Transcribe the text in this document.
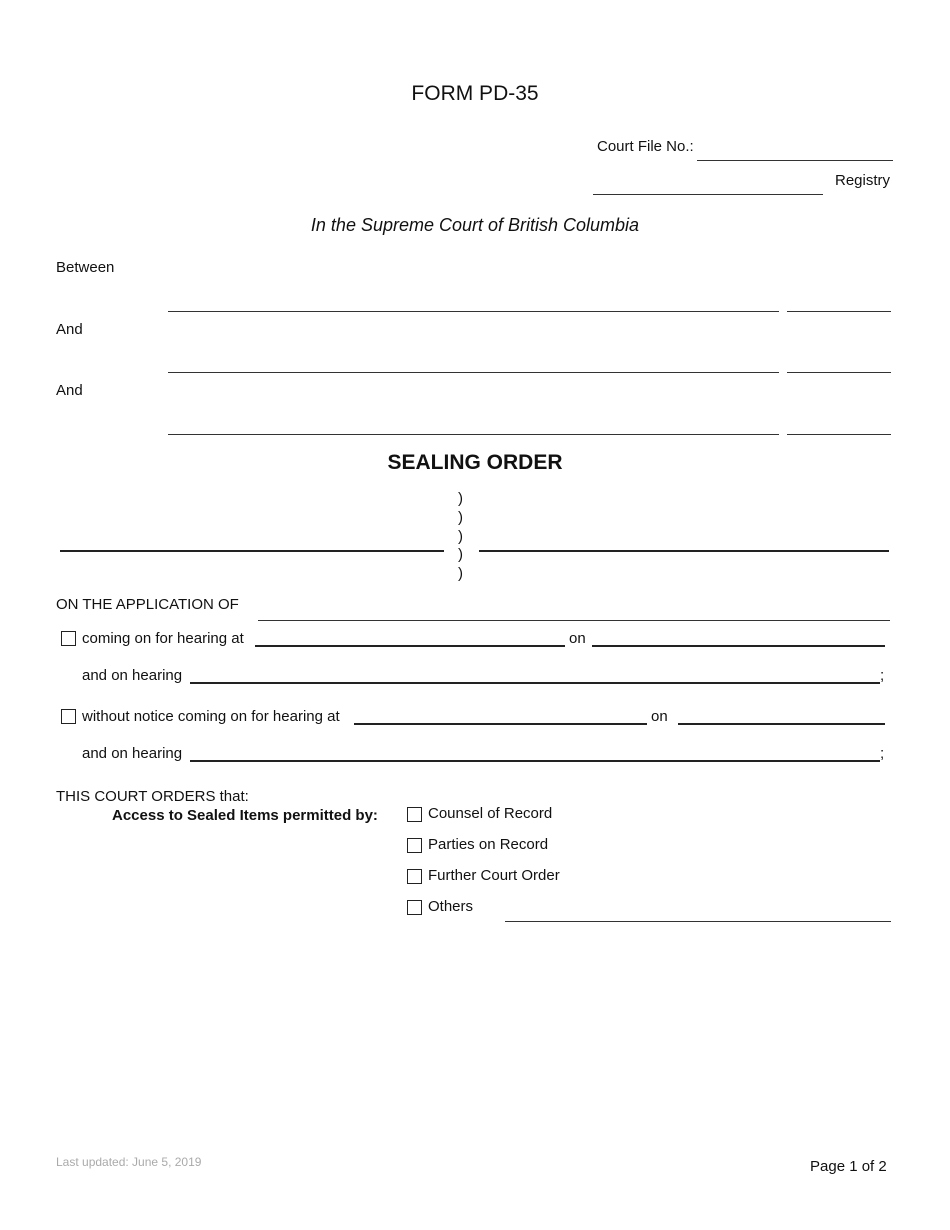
FORM PD-35
Court File No.:
Registry
In the Supreme Court of British Columbia
Between
And
And
SEALING ORDER
)
)
)
)
)
ON THE APPLICATION OF
coming on for hearing at	on
and on hearing	;
without notice coming on for hearing at	on
and on hearing	;
THIS COURT ORDERS that:
Access to Sealed Items permitted by:	Counsel of Record
Parties on Record
Further Court Order
Others
Last updated: June 5, 2019	Page 1 of 2
